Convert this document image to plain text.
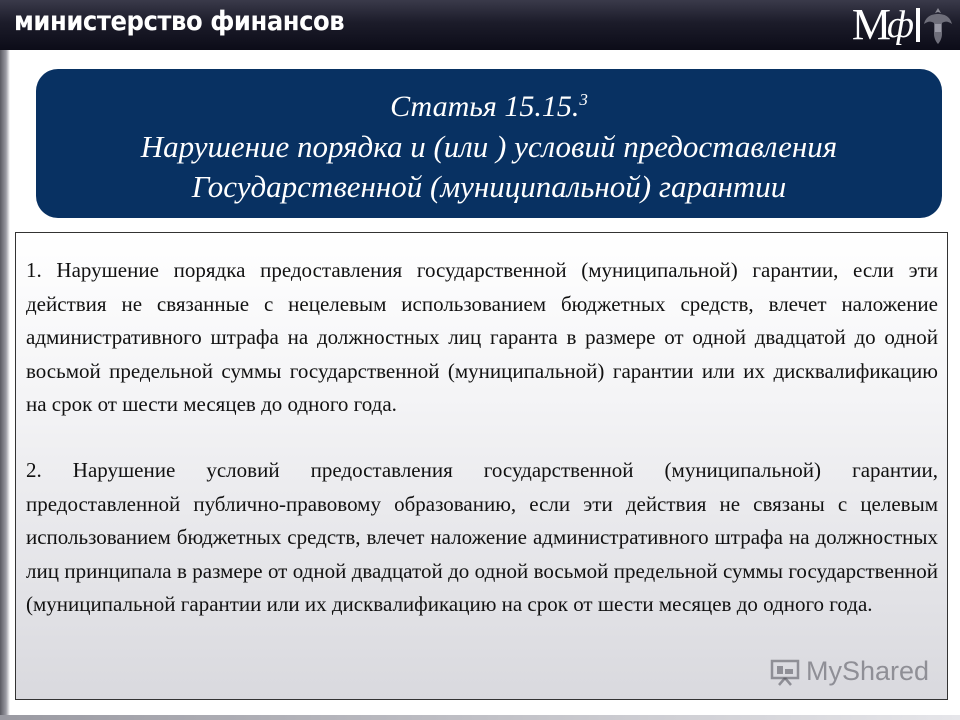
министерство финансов	М
ф
Статья 15.15.$^3$
Нарушение порядка и (или ) условий предоставления
Государственной (муниципальной) гарантии
1. Нарушение порядка предоставления государственной (муниципальной) гарантии, если эти действия не связанные с нецелевым использованием бюджетных средств, влечет наложение административного штрафа на должностных лиц гаранта в размере от одной двадцатой до одной восьмой предельной суммы государственной (муниципальной) гарантии или их дисквалификацию на срок от шести месяцев до одного года.
2. Нарушение условий предоставления государственной (муниципальной) гарантии, предоставленной публично-правовому образованию, если эти действия не связаны с целевым использованием бюджетных средств, влечет наложение административного штрафа на должностных лиц принципала в размере от одной двадцатой до одной восьмой предельной суммы государственной (муниципальной гарантии или их дисквалификацию на срок от шести месяцев до одного года.
MyShared
